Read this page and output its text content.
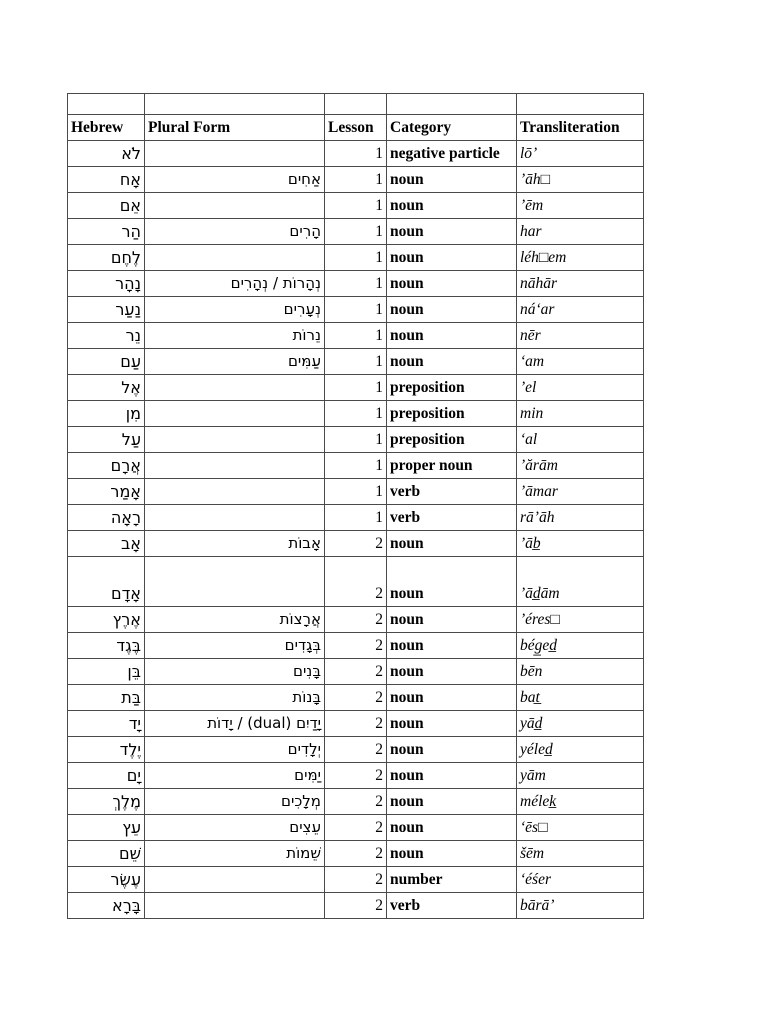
Hebrew	Plural Form	Lesson	Category	Transliteration
לֹא		1	negative particle	lōʼ
אָח	אַחִים	1	noun	ʼāh□
אֵם		1	noun	ʼēm
הַר	הָרִים	1	noun	har
לֶחֶם		1	noun	léh□em
נָהָר	נְהָרוֹת / נְהָרִים	1	noun	nāhār
נַעַר	נְעָרִים	1	noun	náʻar
נֵר	נֵרוֹת	1	noun	nēr
עַם	עַמִּים	1	noun	ʻam
אֶל		1	preposition	ʼel
מִן		1	preposition	min
עַל		1	preposition	ʻal
אֲרָם		1	proper noun	ʼărām
אָמַר		1	verb	ʼāmar
רָאָה		1	verb	rāʼāh
אָב	אָבוֹת	2	noun	ʼāb̲
אָדָם		2	noun	ʼād̲ām
אֶרֶץ	אֲרָצוֹת	2	noun	ʼéres□
בֶּגֶד	בְּגָדִים	2	noun	bég̲ed̲
בֵּן	בָּנִים	2	noun	bēn
בַּת	בָּנוֹת	2	noun	bat̲
יָד	יָדַיִם (dual) / יָדוֹת	2	noun	yād̲
יֶלֶד	יְלָדִים	2	noun	yéled̲
יָם	יַמִּים	2	noun	yām
מֶלֶךְ	מְלָכִים	2	noun	mélek̲
עֵץ	עֵצִים	2	noun	ʻēs□
שֵׁם	שֵׁמוֹת	2	noun	šēm
עֶשֶׂר		2	number	ʻéśer
בָּרָא		2	verb	bārāʼ
